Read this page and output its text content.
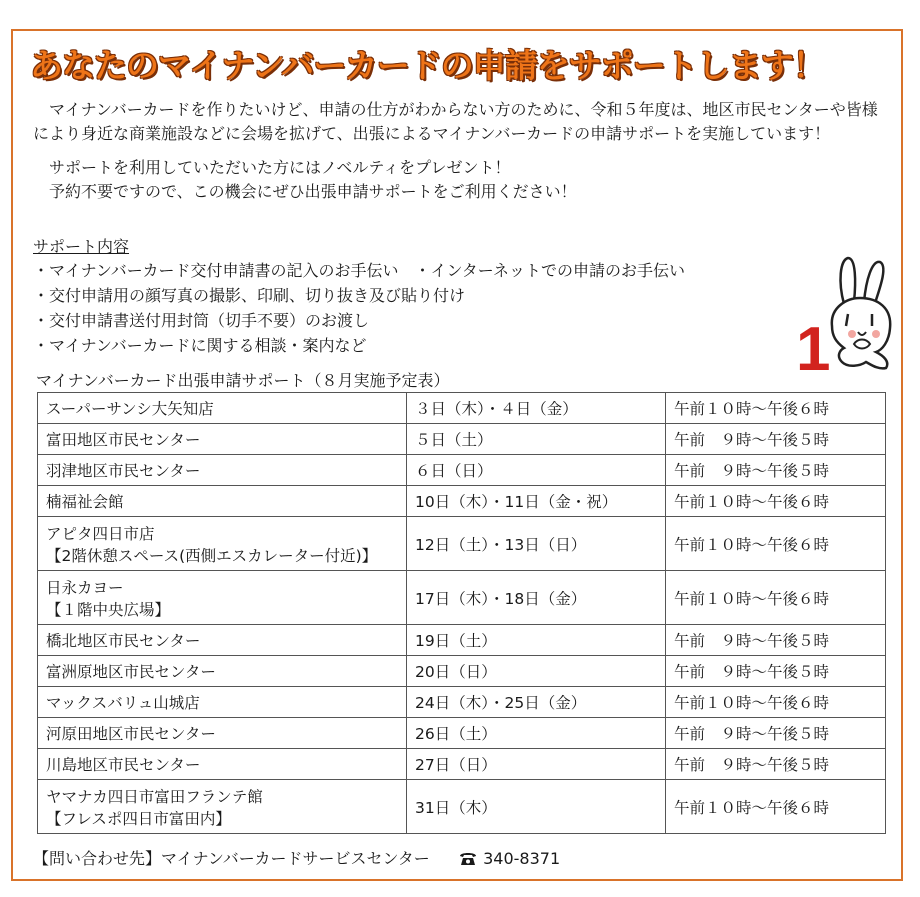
あなたのマイナンバーカードの申請をサポートします！

マイナンバーカードを作りたいけど、申請の仕方がわからない方のために、令和５年度は、地区市民センターや皆様により身近な商業施設などに会場を拡げて、出張によるマイナンバーカードの申請サポートを実施しています！

サポートを利用していただいた方にはノベルティをプレゼント！

予約不要ですので、この機会にぜひ出張申請サポートをご利用ください！

サポート内容
・マイナンバーカード交付申請書の記入のお手伝い　・インターネットでの申請のお手伝い
・交付申請用の顔写真の撮影、印刷、切り抜き及び貼り付け
・交付申請書送付用封筒（切手不要）のお渡し
・マイナンバーカードに関する相談・案内など	1
マイナンバーカード出張申請サポート（８月実施予定表）
スーパーサンシ大矢知店	３日（木）・４日（金）	午前１０時〜午後６時
富田地区市民センター	５日（土）	午前　９時〜午後５時
羽津地区市民センター	６日（日）	午前　９時〜午後５時
楠福祉会館	10日（木）・11日（金・祝）	午前１０時〜午後６時

アピタ四日市店
【2階休憩スペース(西側エスカレーター付近)】	12日（土）・13日（日）	午前１０時〜午後６時

日永カヨー
【１階中央広場】	17日（木）・18日（金）	午前１０時〜午後６時
橋北地区市民センター	19日（土）	午前　９時〜午後５時
富洲原地区市民センター	20日（日）	午前　９時〜午後５時
マックスバリュ山城店	24日（木）・25日（金）	午前１０時〜午後６時
河原田地区市民センター	26日（土）	午前　９時〜午後５時
川島地区市民センター	27日（日）	午前　９時〜午後５時

ヤマナカ四日市富田フランテ館
【フレスポ四日市富田内】	31日（木）	午前１０時〜午後６時
【問い合わせ先】マイナンバーカードサービスセンター	340-8371
